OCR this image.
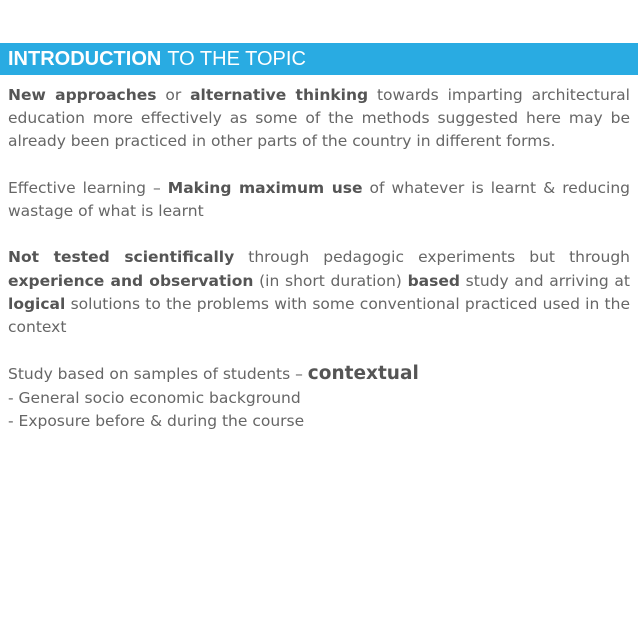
INTRODUCTION TO THE TOPIC

New approaches or alternative thinking towards imparting architectural education more effectively as some of the methods suggested here may be already been practiced in other parts of the country in different forms.

Effective learning – Making maximum use of whatever is learnt & reducing wastage of what is learnt

Not tested scientifically through pedagogic experiments but through experience and observation (in short duration) based study and arriving at logical solutions to the problems with some conventional practiced used in the context

Study based on samples of students – contextual
- General socio economic background
- Exposure before & during the course
